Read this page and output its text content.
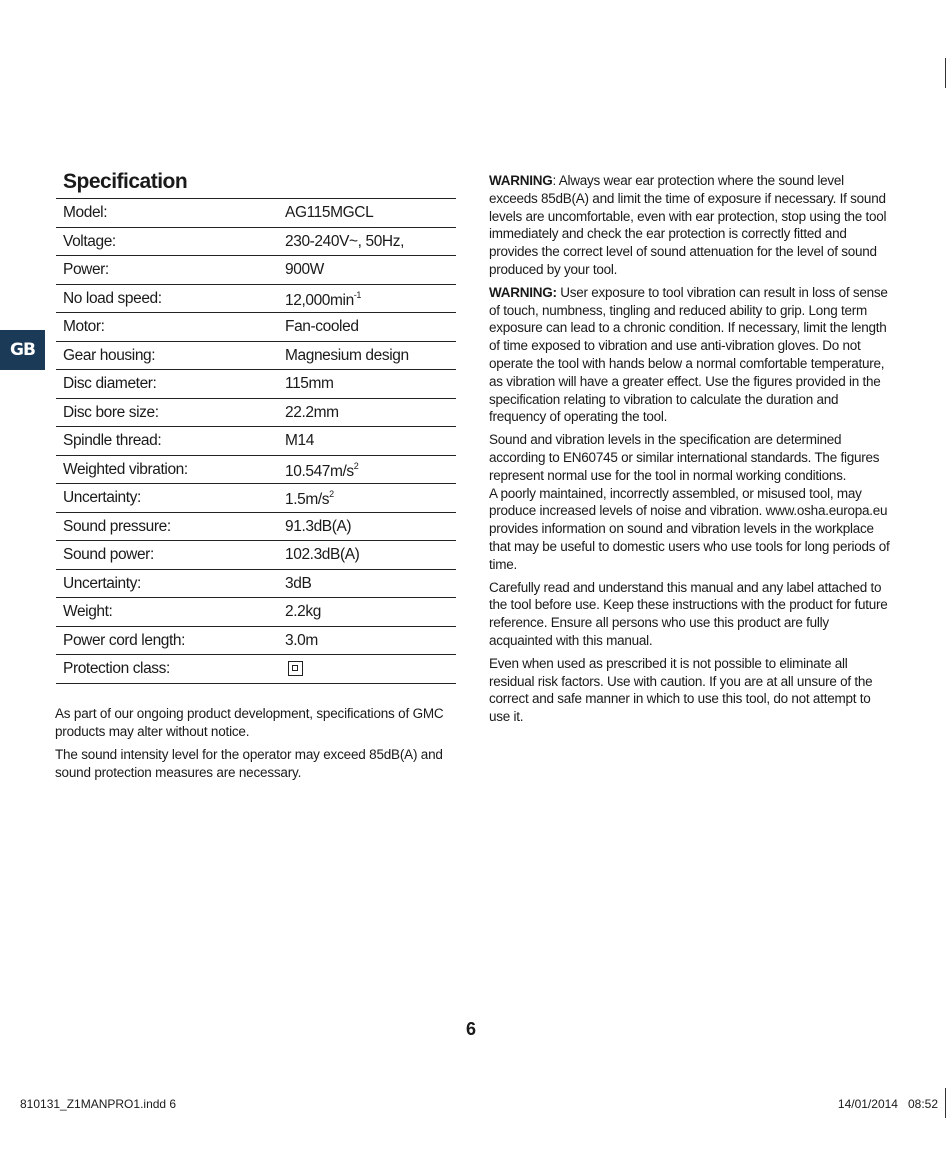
GB
Specification
Model:	AG115MGCL
Voltage:	230-240V~, 50Hz,
Power:	900W
No load speed:	$12,000\min^{-1}$
Motor:	Fan-cooled
Gear housing:	Magnesium design
Disc diameter:	115mm
Disc bore size:	22.2mm
Spindle thread:	M14
Weighted vibration:	$10.547m/s^2$
Uncertainty:	$1.5m/s^2$
Sound pressure:	91.3dB(A)
Sound power:	102.3dB(A)
Uncertainty:	3dB
Weight:	2.2kg
Power cord length:	3.0m
Protection class:

As part of our ongoing product development, specifications of GMC products may alter without notice.

The sound intensity level for the operator may exceed 85dB(A) and sound protection measures are necessary.

WARNING: Always wear ear protection where the sound level exceeds 85dB(A) and limit the time of exposure if necessary. If sound levels are uncomfortable, even with ear protection, stop using the tool immediately and check the ear protection is correctly fitted and provides the correct level of sound attenuation for the level of sound produced by your tool.

WARNING: User exposure to tool vibration can result in loss of sense of touch, numbness, tingling and reduced ability to grip. Long term exposure can lead to a chronic condition. If necessary, limit the length of time exposed to vibration and use anti-vibration gloves. Do not operate the tool with hands below a normal comfortable temperature, as vibration will have a greater effect. Use the figures provided in the specification relating to vibration to calculate the duration and frequency of operating the tool.

Sound and vibration levels in the specification are determined according to EN60745 or similar international standards. The figures represent normal use for the tool in normal working conditions.

A poorly maintained, incorrectly assembled, or misused tool, may produce increased levels of noise and vibration. www.osha.europa.eu provides information on sound and vibration levels in the workplace that may be useful to domestic users who use tools for long periods of time.

Carefully read and understand this manual and any label attached to the tool before use. Keep these instructions with the product for future reference. Ensure all persons who use this product are fully acquainted with this manual.

Even when used as prescribed it is not possible to eliminate all residual risk factors. Use with caution. If you are at all unsure of the correct and safe manner in which to use this tool, do not attempt to use it.

6
810131_Z1MANPRO1.indd 6	14/01/2014   08:52
